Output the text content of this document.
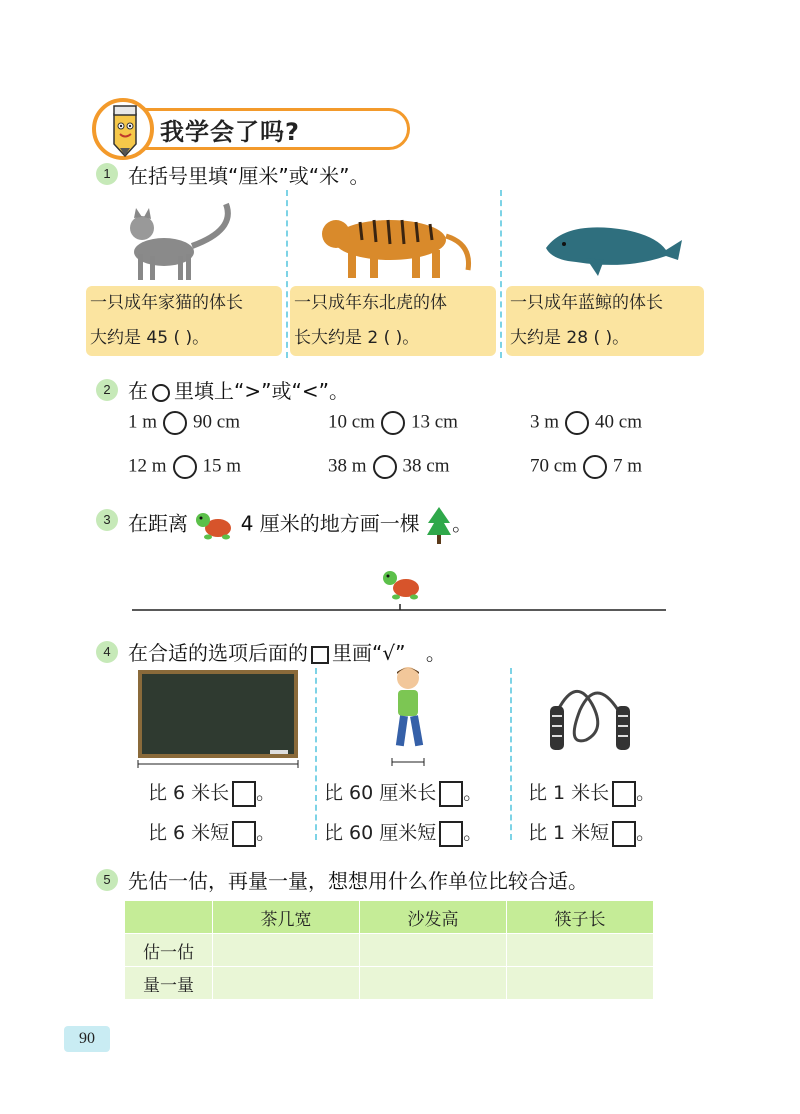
我学会了吗?
1 在括号里填“厘米”或“米”。
一只成年家猫的体长
大约是 45 ( )。
一只成年东北虎的体
长大约是 2 ( )。
一只成年蓝鲸的体长
大约是 28 ( )。
2 在 里填上“>”或“<”。
1 m 90 cm	10 cm 13 cm	3 m 40 cm
12 m 15 m	38 m 38 cm	70 cm 7 m
3 在距离	4 厘米的地方画一棵 。
4 在合适的选项后面的 里画“√” 。
比 6 米长 。
比 6 米短 。
比 60 厘米长 。
比 60 厘米短 。
比 1 米长 。
比 1 米短 。
5 先估一估，再量一量，想想用什么作单位比较合适。
	茶几宽	沙发高	筷子长
估一估			
量一量			
90
